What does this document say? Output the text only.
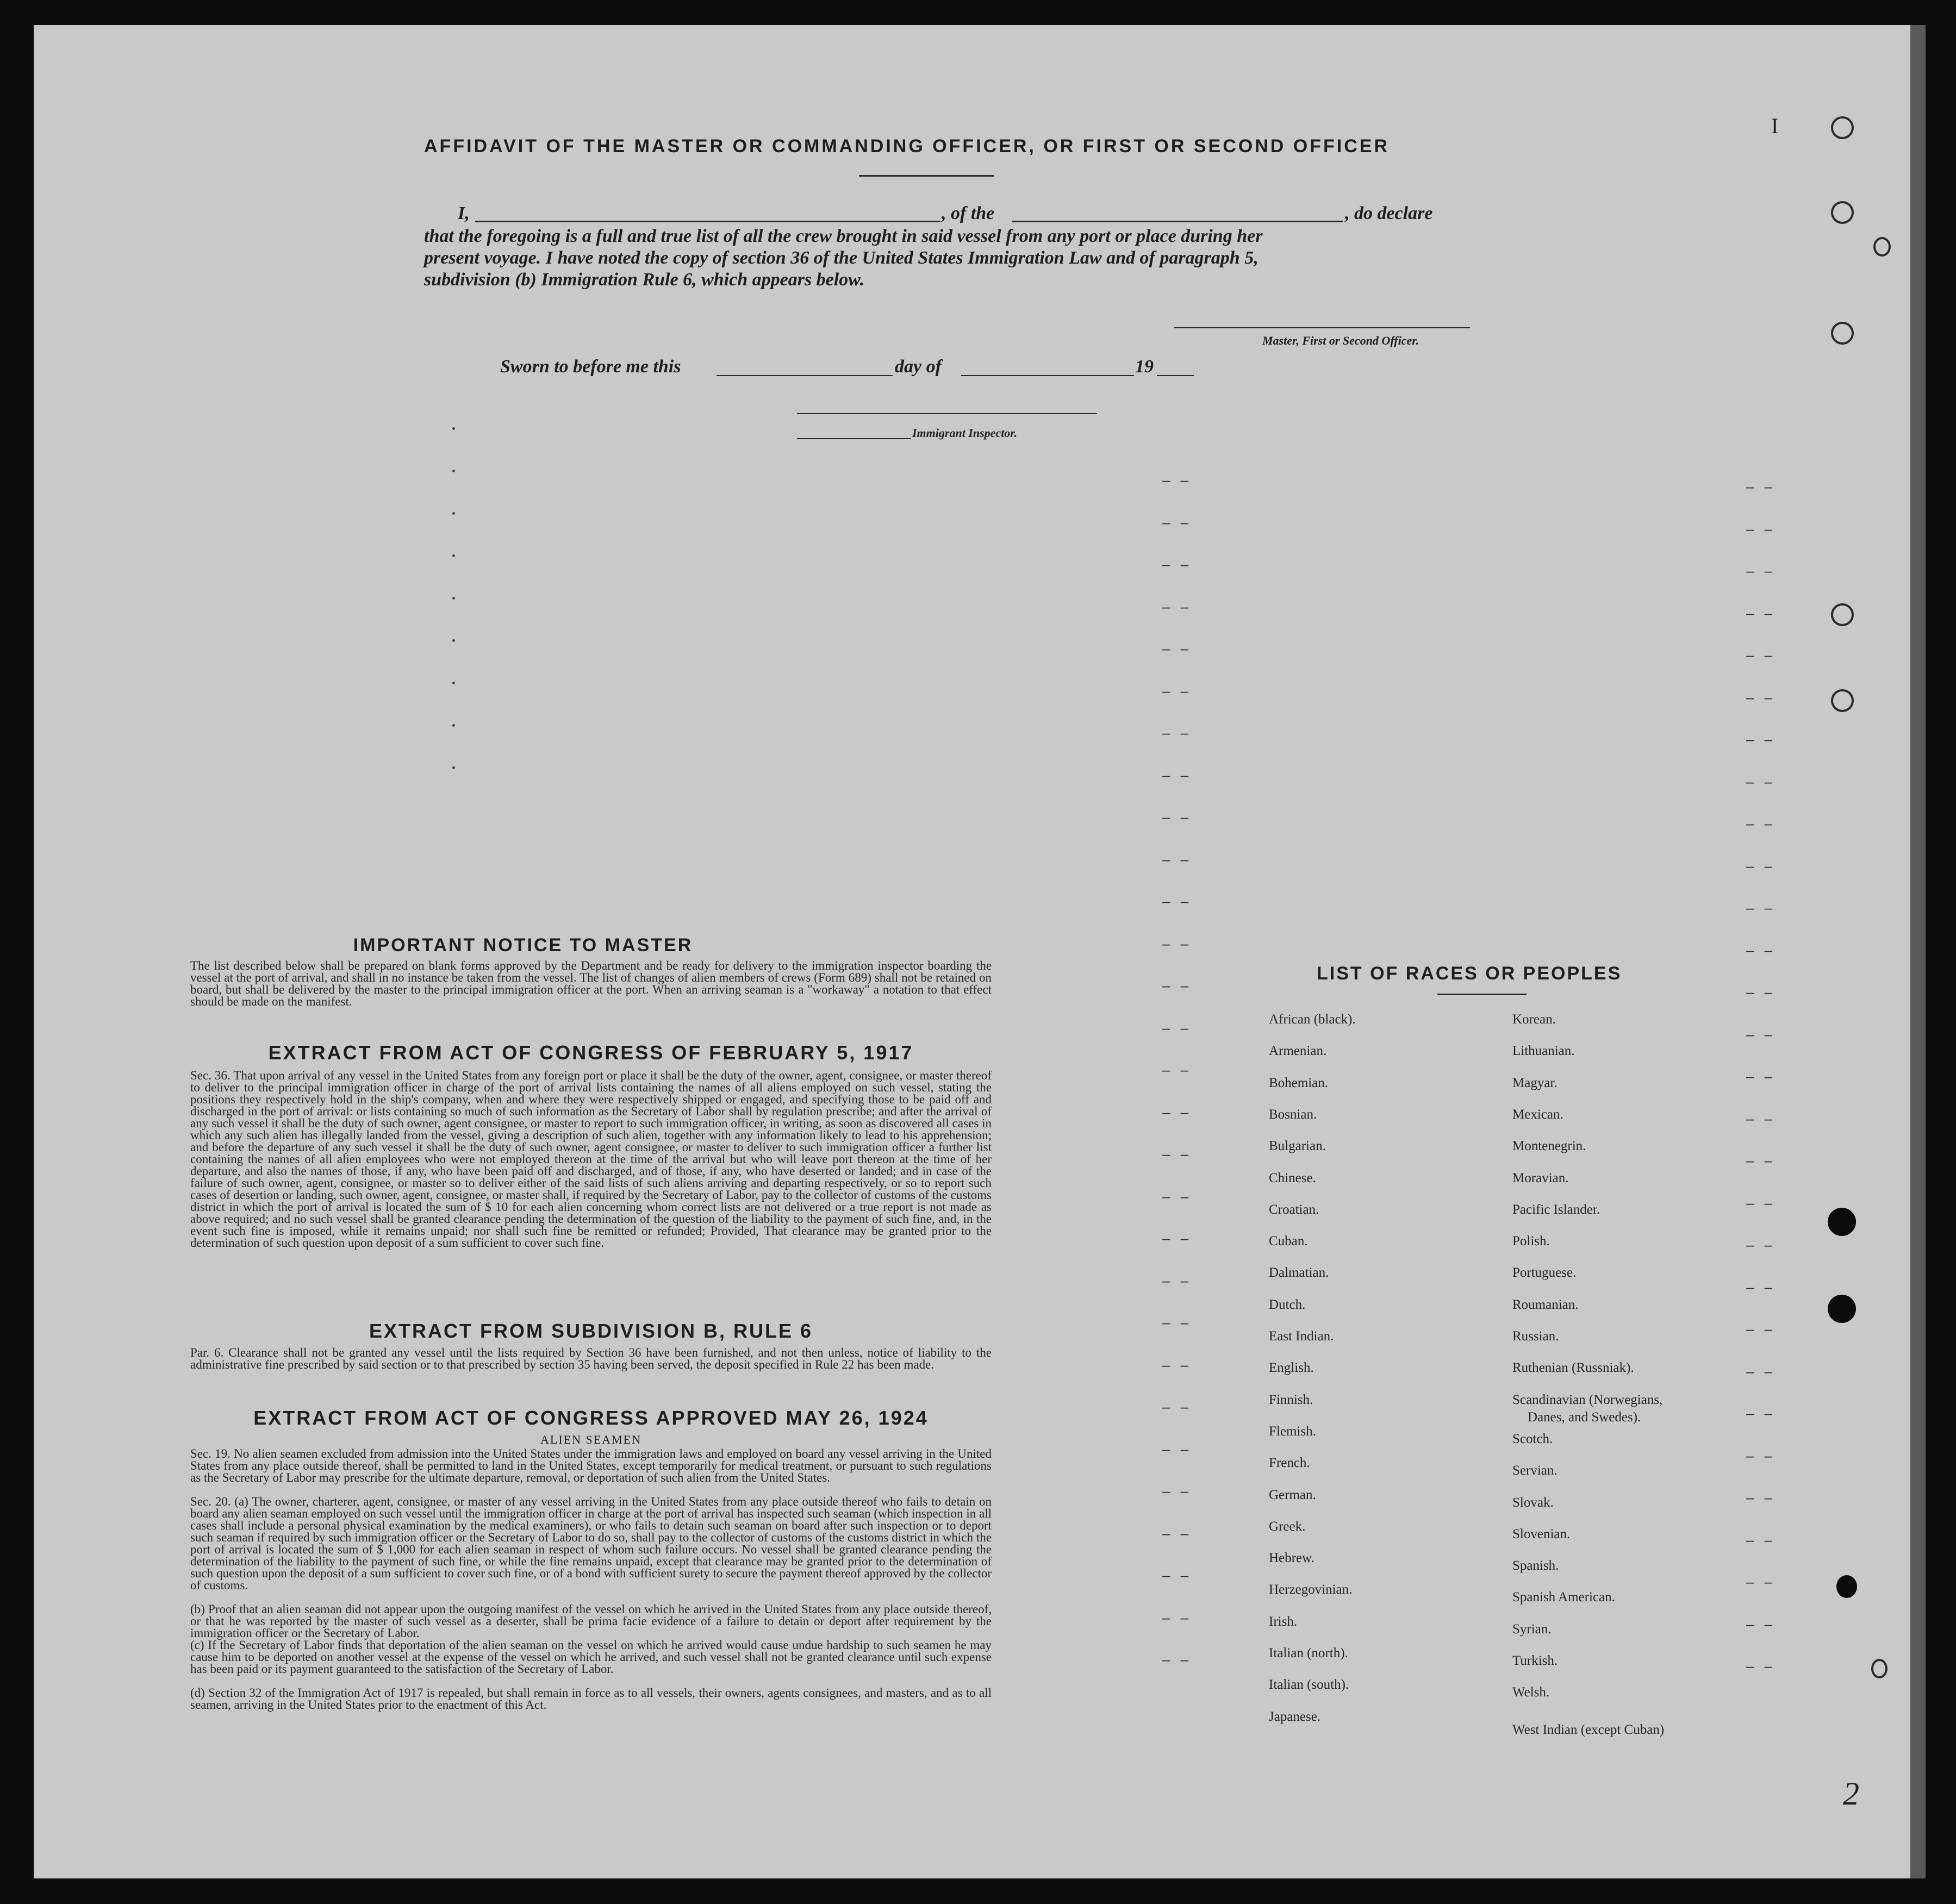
AFFIDAVIT OF THE MASTER OR COMMANDING OFFICER, OR FIRST OR SECOND OFFICER
I,	, of the	, do declare
that the foregoing is a full and true list of all the crew brought in said vessel from any port or place during her
present voyage. I have noted the copy of section 36 of the United States Immigration Law and of paragraph 5,
subdivision (b) Immigration Rule 6, which appears below.
Master, First or Second Officer.
Sworn to before me this	day of	19
Immigrant Inspector.
IMPORTANT NOTICE TO MASTER
The list described below shall be prepared on blank forms approved by the Department and be ready for delivery to the immigration inspector boarding the vessel at the port of arrival, and shall in no instance be taken from the vessel. The list of changes of alien members of crews (Form 689) shall not be retained on board, but shall be delivered by the master to the principal immigration officer at the port. When an arriving seaman is a "workaway" a notation to that effect should be made on the manifest.
EXTRACT FROM ACT OF CONGRESS OF FEBRUARY 5, 1917
Sec. 36. That upon arrival of any vessel in the United States from any foreign port or place it shall be the duty of the owner, agent, consignee, or master thereof to deliver to the principal immigration officer in charge of the port of arrival lists containing the names of all aliens employed on such vessel, stating the positions they respectively hold in the ship's company, when and where they were respectively shipped or engaged, and specifying those to be paid off and discharged in the port of arrival: or lists containing so much of such information as the Secretary of Labor shall by regulation prescribe; and after the arrival of any such vessel it shall be the duty of such owner, agent consignee, or master to report to such immigration officer, in writing, as soon as discovered all cases in which any such alien has illegally landed from the vessel, giving a description of such alien, together with any information likely to lead to his apprehension; and before the departure of any such vessel it shall be the duty of such owner, agent consignee, or master to deliver to such immigration officer a further list containing the names of all alien employees who were not employed thereon at the time of the arrival but who will leave port thereon at the time of her departure, and also the names of those, if any, who have been paid off and discharged, and of those, if any, who have deserted or landed; and in case of the failure of such owner, agent, consignee, or master so to deliver either of the said lists of such aliens arriving and departing respectively, or so to report such cases of desertion or landing, such owner, agent, consignee, or master shall, if required by the Secretary of Labor, pay to the collector of customs of the customs district in which the port of arrival is located the sum of $ 10 for each alien concerning whom correct lists are not delivered or a true report is not made as above required; and no such vessel shall be granted clearance pending the determination of the question of the liability to the payment of such fine, and, in the event such fine is imposed, while it remains unpaid; nor shall such fine be remitted or refunded; Provided, That clearance may be granted prior to the determination of such question upon deposit of a sum sufficient to cover such fine.
EXTRACT FROM SUBDIVISION B, RULE 6
Par. 6. Clearance shall not be granted any vessel until the lists required by Section 36 have been furnished, and not then unless, notice of liability to the administrative fine prescribed by said section or to that prescribed by section 35 having been served, the deposit specified in Rule 22 has been made.
EXTRACT FROM ACT OF CONGRESS APPROVED MAY 26, 1924
ALIEN SEAMEN
Sec. 19. No alien seamen excluded from admission into the United States under the immigration laws and employed on board any vessel arriving in the United States from any place outside thereof, shall be permitted to land in the United States, except temporarily for medical treatment, or pursuant to such regulations as the Secretary of Labor may prescribe for the ultimate departure, removal, or deportation of such alien from the United States.
Sec. 20. (a) The owner, charterer, agent, consignee, or master of any vessel arriving in the United States from any place outside thereof who fails to detain on board any alien seaman employed on such vessel until the immigration officer in charge at the port of arrival has inspected such seaman (which inspection in all cases shall include a personal physical examination by the medical examiners), or who fails to detain such seaman on board after such inspection or to deport such seaman if required by such immigration officer or the Secretary of Labor to do so, shall pay to the collector of customs of the customs district in which the port of arrival is located the sum of $ 1,000 for each alien seaman in respect of whom such failure occurs. No vessel shall be granted clearance pending the determination of the liability to the payment of such fine, or while the fine remains unpaid, except that clearance may be granted prior to the determination of such question upon the deposit of a sum sufficient to cover such fine, or of a bond with sufficient surety to secure the payment thereof approved by the collector of customs.
(b) Proof that an alien seaman did not appear upon the outgoing manifest of the vessel on which he arrived in the United States from any place outside thereof, or that he was reported by the master of such vessel as a deserter, shall be prima facie evidence of a failure to detain or deport after requirement by the immigration officer or the Secretary of Labor.
(c) If the Secretary of Labor finds that deportation of the alien seaman on the vessel on which he arrived would cause undue hardship to such seamen he may cause him to be deported on another vessel at the expense of the vessel on which he arrived, and such vessel shall not be granted clearance until such expense has been paid or its payment guaranteed to the satisfaction of the Secretary of Labor.
(d) Section 32 of the Immigration Act of 1917 is repealed, but shall remain in force as to all vessels, their owners, agents consignees, and masters, and as to all seamen, arriving in the United States prior to the enactment of this Act.
LIST OF RACES OR PEOPLES
Danes, and Swedes).
I
2
African (black).
Armenian.
Bohemian.
Bosnian.
Bulgarian.
Chinese.
Croatian.
Cuban.
Dalmatian.
Dutch.
East Indian.
English.
Finnish.
Flemish.
French.
German.
Greek.
Hebrew.
Herzegovinian.
Irish.
Italian (north).
Italian (south).
Japanese.
Korean.
Lithuanian.
Magyar.
Mexican.
Montenegrin.
Moravian.
Pacific Islander.
Polish.
Portuguese.
Roumanian.
Russian.
Ruthenian (Russniak).
Scandinavian (Norwegians,
Scotch.
Servian.
Slovak.
Slovenian.
Spanish.
Spanish American.
Syrian.
Turkish.
Welsh.
West Indian (except Cuban)
– –	– –
– –	– –
– –	– –
– –	– –
– –	– –
– –	– –
– –	– –
– –	– –
– –	– –
– –	– –
– –	– –
– –	– –
– –	– –
– –	– –
– –	– –
– –	– –
– –	– –
– –	– –
– –	– –
– –	– –
– –	– –
– –	– –
– –	– –
– –	– –
– –	– –
– –	– –
– –	– –
– –	– –
– –	– –
